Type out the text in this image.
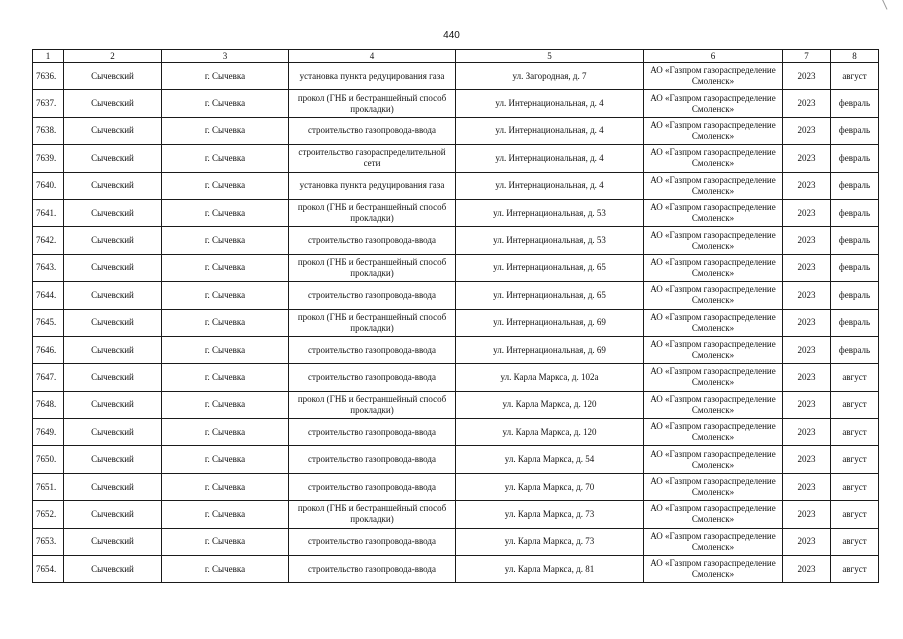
440
1	2	3	4	5	6	7	8
7636.	Сычевский	г. Сычевка	установка пункта редуцирования газа	ул. Загородная, д. 7	АО «Газпром газораспределение Смоленск»	2023	август
7637.	Сычевский	г. Сычевка	прокол (ГНБ и бестраншейный способ прокладки)	ул. Интернациональная, д. 4	АО «Газпром газораспределение Смоленск»	2023	февраль
7638.	Сычевский	г. Сычевка	строительство газопровода-ввода	ул. Интернациональная, д. 4	АО «Газпром газораспределение Смоленск»	2023	февраль
7639.	Сычевский	г. Сычевка	строительство газораспределительной сети	ул. Интернациональная, д. 4	АО «Газпром газораспределение Смоленск»	2023	февраль
7640.	Сычевский	г. Сычевка	установка пункта редуцирования газа	ул. Интернациональная, д. 4	АО «Газпром газораспределение Смоленск»	2023	февраль
7641.	Сычевский	г. Сычевка	прокол (ГНБ и бестраншейный способ прокладки)	ул. Интернациональная, д. 53	АО «Газпром газораспределение Смоленск»	2023	февраль
7642.	Сычевский	г. Сычевка	строительство газопровода-ввода	ул. Интернациональная, д. 53	АО «Газпром газораспределение Смоленск»	2023	февраль
7643.	Сычевский	г. Сычевка	прокол (ГНБ и бестраншейный способ прокладки)	ул. Интернациональная, д. 65	АО «Газпром газораспределение Смоленск»	2023	февраль
7644.	Сычевский	г. Сычевка	строительство газопровода-ввода	ул. Интернациональная, д. 65	АО «Газпром газораспределение Смоленск»	2023	февраль
7645.	Сычевский	г. Сычевка	прокол (ГНБ и бестраншейный способ прокладки)	ул. Интернациональная, д. 69	АО «Газпром газораспределение Смоленск»	2023	февраль
7646.	Сычевский	г. Сычевка	строительство газопровода-ввода	ул. Интернациональная, д. 69	АО «Газпром газораспределение Смоленск»	2023	февраль
7647.	Сычевский	г. Сычевка	строительство газопровода-ввода	ул. Карла Маркса, д. 102а	АО «Газпром газораспределение Смоленск»	2023	август
7648.	Сычевский	г. Сычевка	прокол (ГНБ и бестраншейный способ прокладки)	ул. Карла Маркса, д. 120	АО «Газпром газораспределение Смоленск»	2023	август
7649.	Сычевский	г. Сычевка	строительство газопровода-ввода	ул. Карла Маркса, д. 120	АО «Газпром газораспределение Смоленск»	2023	август
7650.	Сычевский	г. Сычевка	строительство газопровода-ввода	ул. Карла Маркса, д. 54	АО «Газпром газораспределение Смоленск»	2023	август
7651.	Сычевский	г. Сычевка	строительство газопровода-ввода	ул. Карла Маркса, д. 70	АО «Газпром газораспределение Смоленск»	2023	август
7652.	Сычевский	г. Сычевка	прокол (ГНБ и бестраншейный способ прокладки)	ул. Карла Маркса, д. 73	АО «Газпром газораспределение Смоленск»	2023	август
7653.	Сычевский	г. Сычевка	строительство газопровода-ввода	ул. Карла Маркса, д. 73	АО «Газпром газораспределение Смоленск»	2023	август
7654.	Сычевский	г. Сычевка	строительство газопровода-ввода	ул. Карла Маркса, д. 81	АО «Газпром газораспределение Смоленск»	2023	август
